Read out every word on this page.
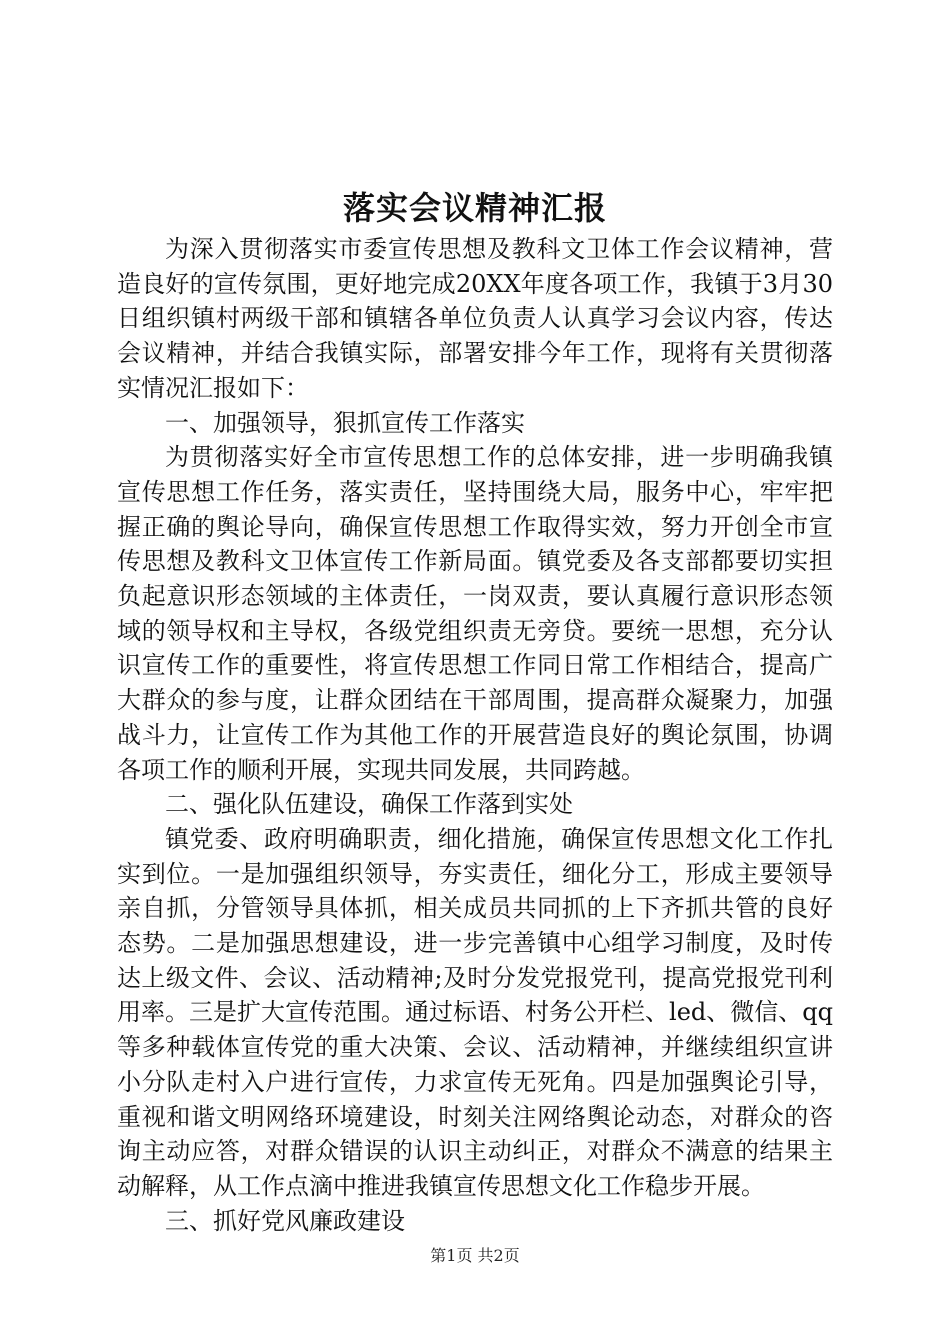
落实会议精神汇报

为深入贯彻落实市委宣传思想及教科文卫体工作会议精神，营造良好的宣传氛围，更好地完成20XX年度各项工作，我镇于3月30日组织镇村两级干部和镇辖各单位负责人认真学习会议内容，传达会议精神，并结合我镇实际，部署安排今年工作，现将有关贯彻落实情况汇报如下：

一、加强领导，狠抓宣传工作落实

为贯彻落实好全市宣传思想工作的总体安排，进一步明确我镇宣传思想工作任务，落实责任，坚持围绕大局，服务中心，牢牢把握正确的舆论导向，确保宣传思想工作取得实效，努力开创全市宣传思想及教科文卫体宣传工作新局面。镇党委及各支部都要切实担负起意识形态领域的主体责任，一岗双责，要认真履行意识形态领域的领导权和主导权，各级党组织责无旁贷。要统一思想，充分认识宣传工作的重要性，将宣传思想工作同日常工作相结合，提高广大群众的参与度，让群众团结在干部周围，提高群众凝聚力，加强战斗力，让宣传工作为其他工作的开展营造良好的舆论氛围，协调各项工作的顺利开展，实现共同发展，共同跨越。

二、强化队伍建设，确保工作落到实处

镇党委、政府明确职责，细化措施，确保宣传思想文化工作扎实到位。一是加强组织领导，夯实责任，细化分工，形成主要领导亲自抓，分管领导具体抓，相关成员共同抓的上下齐抓共管的良好态势。二是加强思想建设，进一步完善镇中心组学习制度，及时传达上级文件、会议、活动精神;及时分发党报党刊，提高党报党刊利用率。三是扩大宣传范围。通过标语、村务公开栏、led、微信、qq等多种载体宣传党的重大决策、会议、活动精神，并继续组织宣讲小分队走村入户进行宣传，力求宣传无死角。四是加强舆论引导，重视和谐文明网络环境建设，时刻关注网络舆论动态，对群众的咨询主动应答，对群众错误的认识主动纠正，对群众不满意的结果主动解释，从工作点滴中推进我镇宣传思想文化工作稳步开展。

三、抓好党风廉政建设

第1页 共2页
